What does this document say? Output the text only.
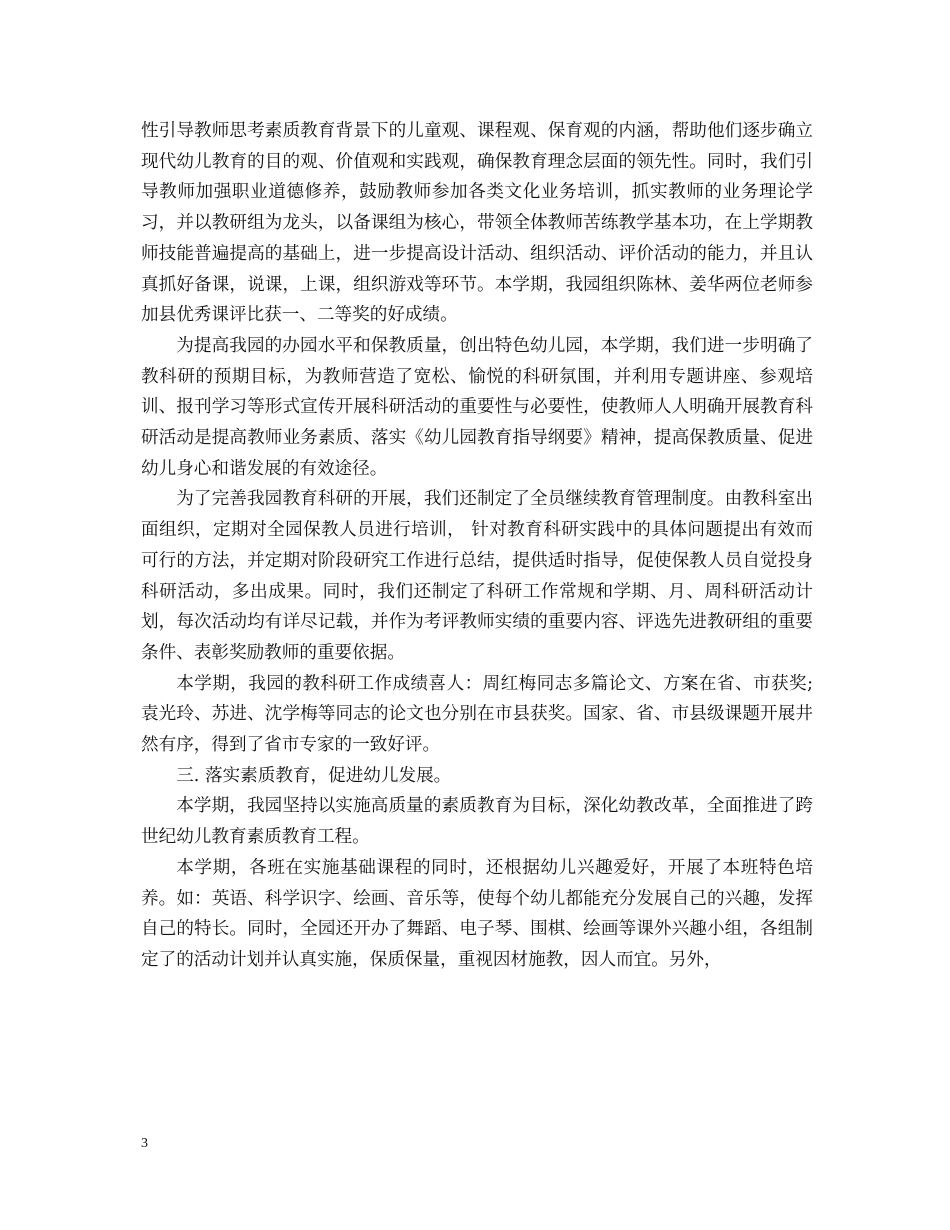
性引导教师思考素质教育背景下的儿童观、课程观、保育观的内涵，帮助他们逐步确立现代幼儿教育的目的观、价值观和实践观，确保教育理念层面的领先性。同时，我们引导教师加强职业道德修养，鼓励教师参加各类文化业务培训，抓实教师的业务理论学习，并以教研组为龙头，以备课组为核心，带领全体教师苦练教学基本功，在上学期教师技能普遍提高的基础上，进一步提高设计活动、组织活动、评价活动的能力，并且认真抓好备课，说课，上课，组织游戏等环节。本学期，我园组织陈林、姜华两位老师参加县优秀课评比获一、二等奖的好成绩。

为提高我园的办园水平和保教质量，创出特色幼儿园，本学期，我们进一步明确了教科研的预期目标，为教师营造了宽松、愉悦的科研氛围，并利用专题讲座、参观培训、报刊学习等形式宣传开展科研活动的重要性与必要性，使教师人人明确开展教育科研活动是提高教师业务素质、落实《幼儿园教育指导纲要》精神，提高保教质量、促进幼儿身心和谐发展的有效途径。

为了完善我园教育科研的开展，我们还制定了全员继续教育管理制度。由教科室出面组织，定期对全园保教人员进行培训， 针对教育科研实践中的具体问题提出有效而可行的方法，并定期对阶段研究工作进行总结，提供适时指导，促使保教人员自觉投身科研活动，多出成果。同时，我们还制定了科研工作常规和学期、月、周科研活动计划，每次活动均有详尽记载，并作为考评教师实绩的重要内容、评选先进教研组的重要条件、表彰奖励教师的重要依据。

本学期，我园的教科研工作成绩喜人：周红梅同志多篇论文、方案在省、市获奖;袁光玲、苏进、沈学梅等同志的论文也分别在市县获奖。国家、省、市县级课题开展井然有序，得到了省市专家的一致好评。

三. 落实素质教育，促进幼儿发展。

本学期，我园坚持以实施高质量的素质教育为目标，深化幼教改革，全面推进了跨世纪幼儿教育素质教育工程。

本学期，各班在实施基础课程的同时，还根据幼儿兴趣爱好，开展了本班特色培养。如：英语、科学识字、绘画、音乐等，使每个幼儿都能充分发展自己的兴趣，发挥自己的特长。同时，全园还开办了舞蹈、电子琴、围棋、绘画等课外兴趣小组，各组制定了的活动计划并认真实施，保质保量，重视因材施教，因人而宜。另外，

3
